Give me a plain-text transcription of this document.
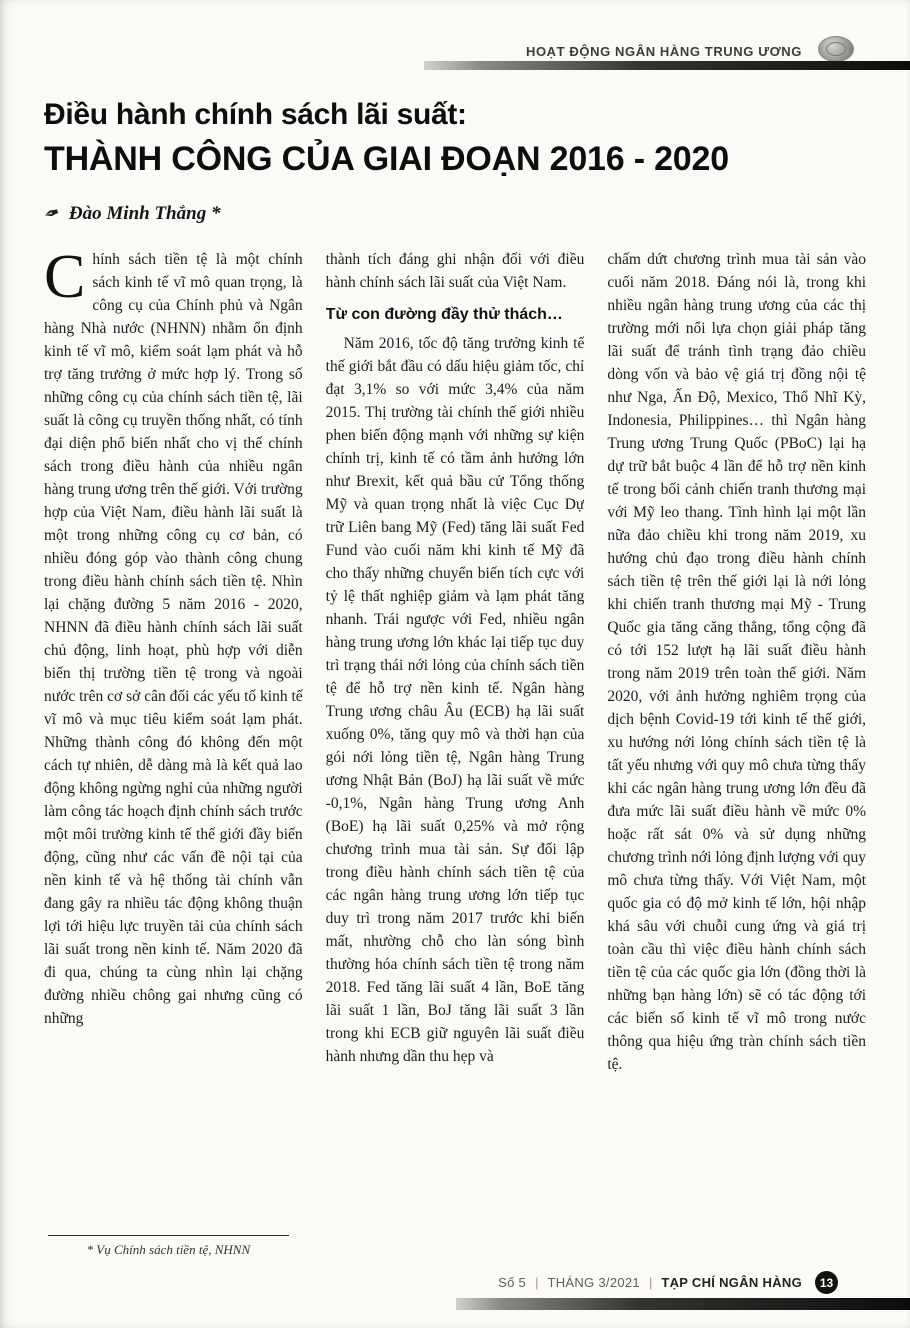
HOẠT ĐỘNG NGÂN HÀNG TRUNG ƯƠNG
Điều hành chính sách lãi suất:
THÀNH CÔNG CỦA GIAI ĐOẠN 2016 - 2020
✒ Đào Minh Thắng *

Chính sách tiền tệ là một chính sách kinh tế vĩ mô quan trọng, là công cụ của Chính phủ và Ngân hàng Nhà nước (NHNN) nhằm ổn định kinh tế vĩ mô, kiểm soát lạm phát và hỗ trợ tăng trưởng ở mức hợp lý. Trong số những công cụ của chính sách tiền tệ, lãi suất là công cụ truyền thống nhất, có tính đại diện phổ biến nhất cho vị thế chính sách trong điều hành của nhiều ngân hàng trung ương trên thế giới. Với trường hợp của Việt Nam, điều hành lãi suất là một trong những công cụ cơ bản, có nhiều đóng góp vào thành công chung trong điều hành chính sách tiền tệ. Nhìn lại chặng đường 5 năm 2016 - 2020, NHNN đã điều hành chính sách lãi suất chủ động, linh hoạt, phù hợp với diễn biến thị trường tiền tệ trong và ngoài nước trên cơ sở cân đối các yếu tố kinh tế vĩ mô và mục tiêu kiểm soát lạm phát. Những thành công đó không đến một cách tự nhiên, dễ dàng mà là kết quả lao động không ngừng nghỉ của những người làm công tác hoạch định chính sách trước một môi trường kinh tế thế giới đầy biến động, cũng như các vấn đề nội tại của nền kinh tế và hệ thống tài chính vẫn đang gây ra nhiều tác động không thuận lợi tới hiệu lực truyền tải của chính sách lãi suất trong nền kinh tế. Năm 2020 đã đi qua, chúng ta cùng nhìn lại chặng đường nhiều chông gai nhưng cũng có những

* Vụ Chính sách tiền tệ, NHNN

thành tích đáng ghi nhận đối với điều hành chính sách lãi suất của Việt Nam.

Từ con đường đầy thử thách…

Năm 2016, tốc độ tăng trưởng kinh tế thế giới bắt đầu có dấu hiệu giảm tốc, chỉ đạt 3,1% so với mức 3,4% của năm 2015. Thị trường tài chính thế giới nhiều phen biến động mạnh với những sự kiện chính trị, kinh tế có tầm ảnh hưởng lớn như Brexit, kết quả bầu cử Tổng thống Mỹ và quan trọng nhất là việc Cục Dự trữ Liên bang Mỹ (Fed) tăng lãi suất Fed Fund vào cuối năm khi kinh tế Mỹ đã cho thấy những chuyển biến tích cực với tỷ lệ thất nghiệp giảm và lạm phát tăng nhanh. Trái ngược với Fed, nhiều ngân hàng trung ương lớn khác lại tiếp tục duy trì trạng thái nới lỏng của chính sách tiền tệ để hỗ trợ nền kinh tế. Ngân hàng Trung ương châu Âu (ECB) hạ lãi suất xuống 0%, tăng quy mô và thời hạn của gói nới lỏng tiền tệ, Ngân hàng Trung ương Nhật Bản (BoJ) hạ lãi suất về mức -0,1%, Ngân hàng Trung ương Anh (BoE) hạ lãi suất 0,25% và mở rộng chương trình mua tài sản. Sự đối lập trong điều hành chính sách tiền tệ của các ngân hàng trung ương lớn tiếp tục duy trì trong năm 2017 trước khi biến mất, nhường chỗ cho làn sóng bình thường hóa chính sách tiền tệ trong năm 2018. Fed tăng lãi suất 4 lần, BoE tăng lãi suất 1 lần, BoJ tăng lãi suất 3 lần trong khi ECB giữ nguyên lãi suất điều hành nhưng dần thu hẹp và

chấm dứt chương trình mua tài sản vào cuối năm 2018. Đáng nói là, trong khi nhiều ngân hàng trung ương của các thị trường mới nổi lựa chọn giải pháp tăng lãi suất để tránh tình trạng đảo chiều dòng vốn và bảo vệ giá trị đồng nội tệ như Nga, Ấn Độ, Mexico, Thổ Nhĩ Kỳ, Indonesia, Philippines… thì Ngân hàng Trung ương Trung Quốc (PBoC) lại hạ dự trữ bắt buộc 4 lần để hỗ trợ nền kinh tế trong bối cảnh chiến tranh thương mại với Mỹ leo thang. Tình hình lại một lần nữa đảo chiều khi trong năm 2019, xu hướng chủ đạo trong điều hành chính sách tiền tệ trên thế giới lại là nới lỏng khi chiến tranh thương mại Mỹ - Trung Quốc gia tăng căng thẳng, tổng cộng đã có tới 152 lượt hạ lãi suất điều hành trong năm 2019 trên toàn thế giới. Năm 2020, với ảnh hưởng nghiêm trọng của dịch bệnh Covid-19 tới kinh tế thế giới, xu hướng nới lỏng chính sách tiền tệ là tất yếu nhưng với quy mô chưa từng thấy khi các ngân hàng trung ương lớn đều đã đưa mức lãi suất điều hành về mức 0% hoặc rất sát 0% và sử dụng những chương trình nới lỏng định lượng với quy mô chưa từng thấy. Với Việt Nam, một quốc gia có độ mở kinh tế lớn, hội nhập khá sâu với chuỗi cung ứng và giá trị toàn cầu thì việc điều hành chính sách tiền tệ của các quốc gia lớn (đồng thời là những bạn hàng lớn) sẽ có tác động tới các biến số kinh tế vĩ mô trong nước thông qua hiệu ứng tràn chính sách tiền tệ.

Số 5 | THÁNG 3/2021 | TẠP CHÍ NGÂN HÀNG	13
